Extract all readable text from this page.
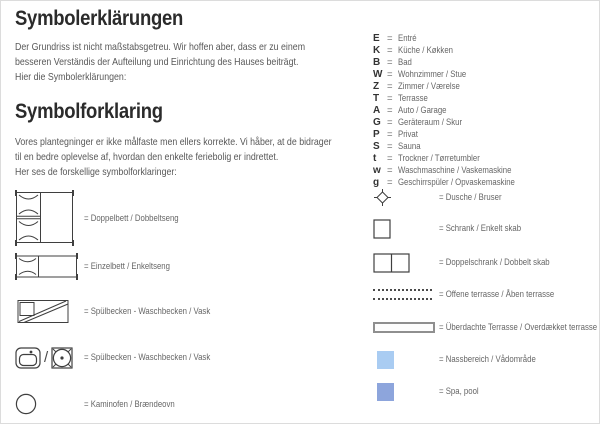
Symbolerklärungen
Der Grundriss ist nicht maßstabsgetreu. Wir hoffen aber, dass er zu einem
besseren Verständis der Aufteilung und Einrichtung des Hauses beiträgt.
Hier die Symbolerklärungen:
Symbolforklaring
Vores plantegninger er ikke målfaste men ellers korrekte. Vi håber, at de bidrager
til en bedre oplevelse af, hvordan den enkelte feriebolig er indrettet.
Her ses de forskellige symbolforklaringer:
E = Entré
K = Küche / Køkken
B = Bad
W = Wohnzimmer / Stue
Z = Zimmer / Værelse
T = Terrasse
A = Auto / Garage
G = Geräteraum / Skur
P = Privat
S = Sauna
t	= Trockner / Tørretumbler
w = Waschmaschine / Vaskemaskine
g = Geschirrspüler / Opvaskemaskine
= Doppelbett / Dobbeltseng
= Einzelbett / Enkeltseng
= Spülbecken - Waschbecken / Vask
/	= Spülbecken - Waschbecken / Vask
= Kaminofen / Brændeovn
= Dusche / Bruser
= Schrank / Enkelt skab
= Doppelschrank / Dobbelt skab
= Offene terrasse / Åben terrasse
= Überdachte Terrasse / Overdækket terrasse
= Nassbereich / Vådområde
= Spa, pool
